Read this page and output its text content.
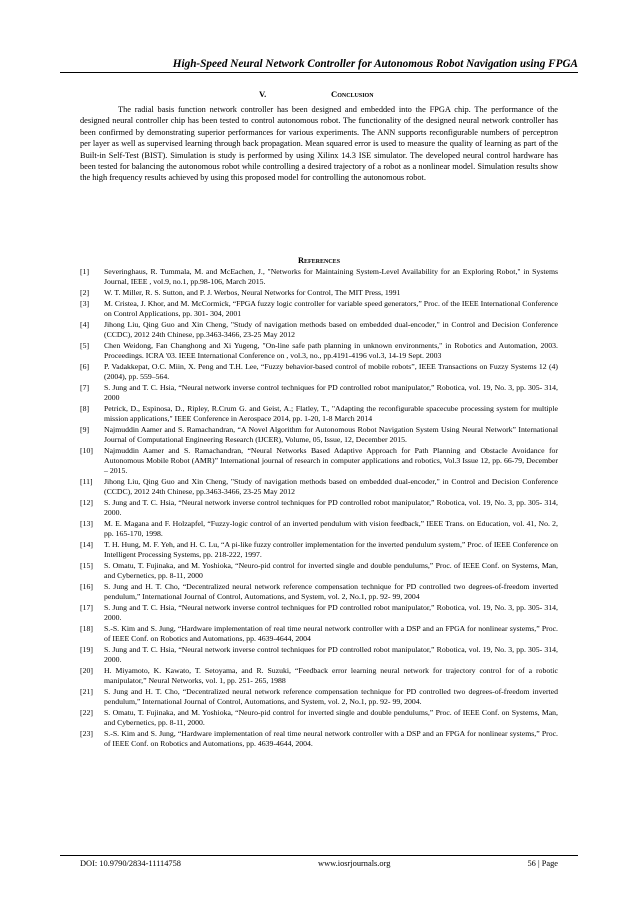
High-Speed Neural Network Controller for Autonomous Robot Navigation using FPGA
V.	Conclusion

The radial basis function network controller has been designed and embedded into the FPGA chip. The performance of the designed neural controller chip has been tested to control autonomous robot. The functionality of the designed neural network controller has been confirmed by demonstrating superior performances for various experiments. The ANN supports reconfigurable numbers of perceptron per layer as well as supervised learning through back propagation. Mean squared error is used to measure the quality of learning as part of the Built-in Self-Test (BIST). Simulation is study is performed by using Xilinx 14.3 ISE simulator. The developed neural control hardware has been tested for balancing the autonomous robot while controlling a desired trajectory of a robot as a nonlinear model. Simulation results show the high frequency results achieved by using this proposed model for controlling the autonomous robot.

References
[1]	Severinghaus, R. Tummala, M. and McEachen, J., "Networks for Maintaining System-Level Availability for an Exploring Robot," in Systems Journal, IEEE , vol.9, no.1, pp.98-106, March 2015.
[2]	W. T. Miller, R. S. Sutton, and P. J. Werbos, Neural Networks for Control, The MIT Press, 1991
[3]	M. Cristea, J. Khor, and M. McCormick, “FPGA fuzzy logic controller for variable speed generators,” Proc. of the IEEE International Conference on Control Applications, pp. 301- 304, 2001
[4]	Jihong Liu, Qing Guo and Xin Cheng, "Study of navigation methods based on embedded dual-encoder," in Control and Decision Conference (CCDC), 2012 24th Chinese, pp.3463-3466, 23-25 May 2012
[5]	Chen Weidong, Fan Changhong and Xi Yugeng, "On-line safe path planning in unknown environments," in Robotics and Automation, 2003. Proceedings. ICRA '03. IEEE International Conference on , vol.3, no., pp.4191-4196 vol.3, 14-19 Sept. 2003
[6]	P. Vadakkepat, O.C. Miin, X. Peng and T.H. Lee, “Fuzzy behavior-based control of mobile robots”, IEEE Transactions on Fuzzy Systems 12 (4) (2004), pp. 559–564.
[7]	S. Jung and T. C. Hsia, “Neural network inverse control techniques for PD controlled robot manipulator,” Robotica, vol. 19, No. 3, pp. 305- 314, 2000
[8]	Petrick, D., Espinosa, D., Ripley, R.Crum G. and Geist, A.; Flatley, T., "Adapting the reconfigurable spacecube processing system for multiple mission applications," IEEE Conference in Aerospace 2014, pp. 1-20, 1-8 March 2014
[9]	Najmuddin Aamer and S. Ramachandran, “A Novel Algorithm for Autonomous Robot Navigation System Using Neural Network” International Journal of Computational Engineering Research (IJCER), Volume, 05, Issue, 12, December 2015.
[10]	Najmuddin Aamer and S. Ramachandran, “Neural Networks Based Adaptive Approach for Path Planning and Obstacle Avoidance for Autonomous Mobile Robot (AMR)” International journal of research in computer applications and robotics, Vol.3 Issue 12, pp. 66-79, December – 2015.
[11]	Jihong Liu, Qing Guo and Xin Cheng, "Study of navigation methods based on embedded dual-encoder," in Control and Decision Conference (CCDC), 2012 24th Chinese, pp.3463-3466, 23-25 May 2012
[12]	S. Jung and T. C. Hsia, “Neural network inverse control techniques for PD controlled robot manipulator,” Robotica, vol. 19, No. 3, pp. 305- 314, 2000.
[13]	M. E. Magana and F. Holzapfel, “Fuzzy-logic control of an inverted pendulum with vision feedback,” IEEE Trans. on Education, vol. 41, No. 2, pp. 165-170, 1998.
[14]	T. H. Hung, M. F. Yeh, and H. C. Lu, “A pi-like fuzzy controller implementation for the inverted pendulum system,” Proc. of IEEE Conference on Intelligent Processing Systems, pp. 218-222, 1997.
[15]	S. Omatu, T. Fujinaka, and M. Yoshioka, “Neuro-pid control for inverted single and double pendulums,” Proc. of IEEE Conf. on Systems, Man, and Cybernetics, pp. 8-11, 2000
[16]	S. Jung and H. T. Cho, “Decentralized neural network reference compensation technique for PD controlled two degrees-of-freedom inverted pendulum,” International Journal of Control, Automations, and System, vol. 2, No.1, pp. 92- 99, 2004
[17]	S. Jung and T. C. Hsia, “Neural network inverse control techniques for PD controlled robot manipulator,” Robotica, vol. 19, No. 3, pp. 305- 314, 2000.
[18]	S.-S. Kim and S. Jung, “Hardware implementation of real time neural network controller with a DSP and an FPGA for nonlinear systems,” Proc. of IEEE Conf. on Robotics and Automations, pp. 4639-4644, 2004
[19]	S. Jung and T. C. Hsia, “Neural network inverse control techniques for PD controlled robot manipulator,” Robotica, vol. 19, No. 3, pp. 305- 314, 2000.
[20]	H. Miyamoto, K. Kawato, T. Setoyama, and R. Suzuki, “Feedback error learning neural network for trajectory control for of a robotic manipulator,” Neural Networks, vol. 1, pp. 251- 265, 1988
[21]	S. Jung and H. T. Cho, “Decentralized neural network reference compensation technique for PD controlled two degrees-of-freedom inverted pendulum,” International Journal of Control, Automations, and System, vol. 2, No.1, pp. 92- 99, 2004.
[22]	S. Omatu, T. Fujinaka, and M. Yoshioka, “Neuro-pid control for inverted single and double pendulums,” Proc. of IEEE Conf. on Systems, Man, and Cybernetics, pp. 8-11, 2000.
[23]	S.-S. Kim and S. Jung, “Hardware implementation of real time neural network controller with a DSP and an FPGA for nonlinear systems,” Proc. of IEEE Conf. on Robotics and Automations, pp. 4639-4644, 2004.
DOI: 10.9790/2834-11114758	www.iosrjournals.org	56 | Page
